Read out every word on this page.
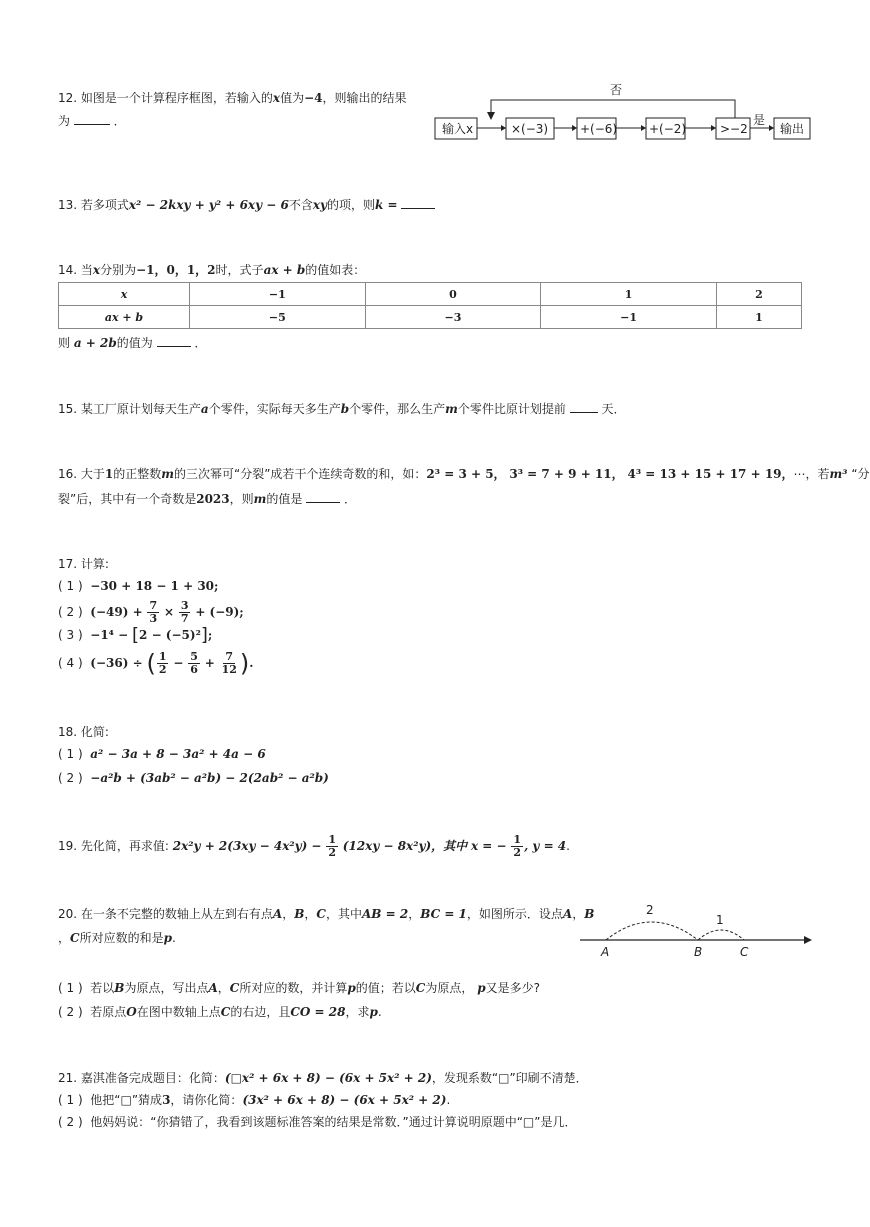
12. 如图是一个计算程序框图，若输入的x值为−4，则输出的结果
为	．
否
输入x	×(−3)	+(−6)	+(−2)	>−2	输出
是
13. 若多项式x² − 2kxy + y² + 6xy − 6不含xy的项，则k =
14. 当x分别为−1，0，1，2时，式子ax + b的值如表：
x	−1	0	1	2
ax + b	−5	−3	−1	1
则 a + 2b的值为	．
15. 某工厂原计划每天生产a个零件，实际每天多生产b个零件，那么生产m个零件比原计划提前	天．
16. 大于1的正整数m的三次幂可“分裂”成若干个连续奇数的和，如：2³ = 3 + 5， 3³ = 7 + 9 + 11， 4³ = 13 + 15 + 17 + 19，⋯，若m³ “分
裂”后，其中有一个奇数是2023，则m的值是	．
17. 计算:
( 1 ) −30 + 18 − 1 + 30;
( 2 ) $(-49) + \frac{7}{3} \times \frac{3}{7} + (-9)$;
( 3 ) −1⁴ − [2 − (−5)²];
( 4 ) (−36) ÷ ( $\frac{1}{2} - \frac{5}{6} + \frac{7}{12}$ ).
18. 化简:
( 1 ) a² − 3a + 8 − 3a² + 4a − 6
( 2 ) −a²b + (3ab² − a²b) − 2(2ab² − a²b)
19. 先化简，再求值: $2x^2y + 2(3xy - 4x^2y) - \frac{1}{2} (12xy - 8x^2y)$，其中 x = − $\frac{1}{2}$ , y = 4.
20. 在一条不完整的数轴上从左到右有点A，B，C，其中AB = 2，BC = 1，如图所示．设点A，B
，C所对应数的和是p.
2
1
A	B	C
( 1 ) 若以B为原点，写出点A，C所对应的数，并计算p的值；若以C为原点， p又是多少?
( 2 ) 若原点O在图中数轴上点C的右边，且CO = 28，求p.
21. 嘉淇准备完成题目：化简：(□x² + 6x + 8) − (6x + 5x² + 2)，发现系数“□”印刷不清楚．
( 1 ) 他把“□”猜成3，请你化简：(3x² + 6x + 8) − (6x + 5x² + 2).
( 2 ) 他妈妈说：“你猜错了，我看到该题标准答案的结果是常数．”通过计算说明原题中“□”是几．
